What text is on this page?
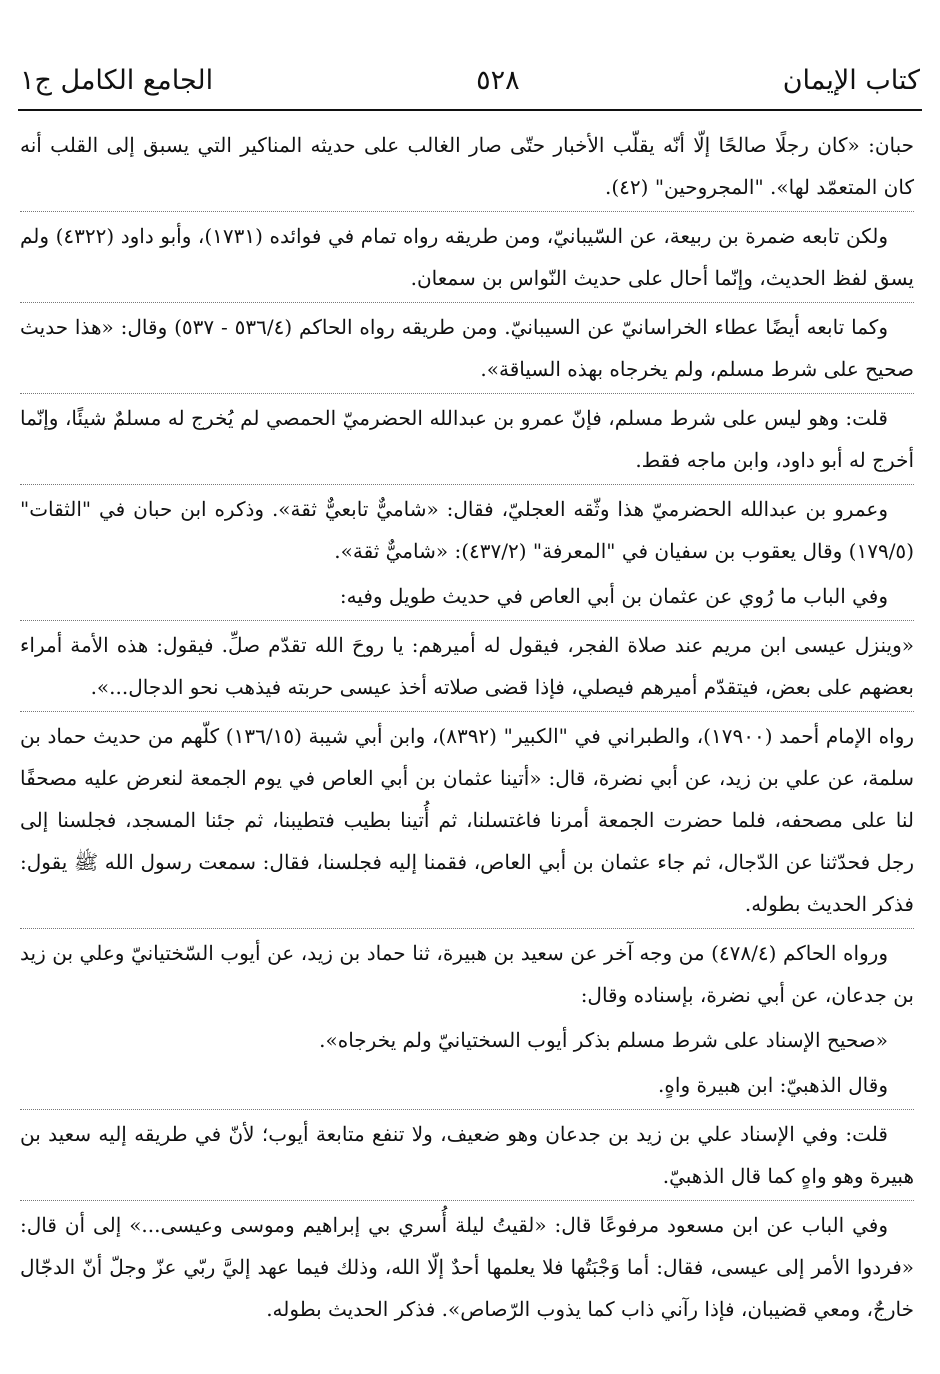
كتاب الإيمان
٥٢٨
الجامع الكامل ج١

حبان: «كان رجلًا صالحًا إلّا أنّه يقلّب الأخبار حتّى صار الغالب على حديثه المناكير التي يسبق إلى القلب أنه كان المتعمّد لها». "المجروحين" (٤٢).

ولكن تابعه ضمرة بن ربيعة، عن السّيبانيّ، ومن طريقه رواه تمام في فوائده (١٧٣١)، وأبو داود (٤٣٢٢) ولم يسق لفظ الحديث، وإنّما أحال على حديث النّواس بن سمعان.

وكما تابعه أيضًا عطاء الخراسانيّ عن السيبانيّ. ومن طريقه رواه الحاكم (٥٣٦/٤ - ٥٣٧) وقال: «هذا حديث صحيح على شرط مسلم، ولم يخرجاه بهذه السياقة».

قلت: وهو ليس على شرط مسلم، فإنّ عمرو بن عبدالله الحضرميّ الحمصي لم يُخرج له مسلمٌ شيئًا، وإنّما أخرج له أبو داود، وابن ماجه فقط.

وعمرو بن عبدالله الحضرميّ هذا وثّقه العجليّ، فقال: «شاميٌّ تابعيٌّ ثقة». وذكره ابن حبان في "الثقات" (١٧٩/٥) وقال يعقوب بن سفيان في "المعرفة" (٤٣٧/٢): «شاميٌّ ثقة».

وفي الباب ما رُوي عن عثمان بن أبي العاص في حديث طويل وفيه:

«وينزل عيسى ابن مريم عند صلاة الفجر، فيقول له أميرهم: يا روحَ الله تقدّم صلِّ. فيقول: هذه الأمة أمراء بعضهم على بعض، فيتقدّم أميرهم فيصلي، فإذا قضى صلاته أخذ عيسى حربته فيذهب نحو الدجال...».

رواه الإمام أحمد (١٧٩٠٠)، والطبراني في "الكبير" (٨٣٩٢)، وابن أبي شيبة (١٣٦/١٥) كلّهم من حديث حماد بن سلمة، عن علي بن زيد، عن أبي نضرة، قال: «أتينا عثمان بن أبي العاص في يوم الجمعة لنعرض عليه مصحفًا لنا على مصحفه، فلما حضرت الجمعة أمرنا فاغتسلنا، ثم أُتينا بطيب فتطيبنا، ثم جئنا المسجد، فجلسنا إلى رجل فحدّثنا عن الدّجال، ثم جاء عثمان بن أبي العاص، فقمنا إليه فجلسنا، فقال: سمعت رسول الله ﷺ يقول: فذكر الحديث بطوله.

ورواه الحاكم (٤٧٨/٤) من وجه آخر عن سعيد بن هبيرة، ثنا حماد بن زيد، عن أيوب السّختيانيّ وعلي بن زيد بن جدعان، عن أبي نضرة، بإسناده وقال:

«صحيح الإسناد على شرط مسلم بذكر أيوب السختيانيّ ولم يخرجاه».

وقال الذهبيّ: ابن هبيرة واهٍ.

قلت: وفي الإسناد علي بن زيد بن جدعان وهو ضعيف، ولا تنفع متابعة أيوب؛ لأنّ في طريقه إليه سعيد بن هبيرة وهو واهٍ كما قال الذهبيّ.

وفي الباب عن ابن مسعود مرفوعًا قال: «لقيتُ ليلة أُسري بي إبراهيم وموسى وعيسى...» إلى أن قال: «فردوا الأمر إلى عيسى، فقال: أما وَجْبَتُها فلا يعلمها أحدٌ إلّا الله، وذلك فيما عهد إليَّ ربّي عزّ وجلّ أنّ الدجّال خارجٌ، ومعي قضيبان، فإذا رآني ذاب كما يذوب الرّصاص». فذكر الحديث بطوله.
